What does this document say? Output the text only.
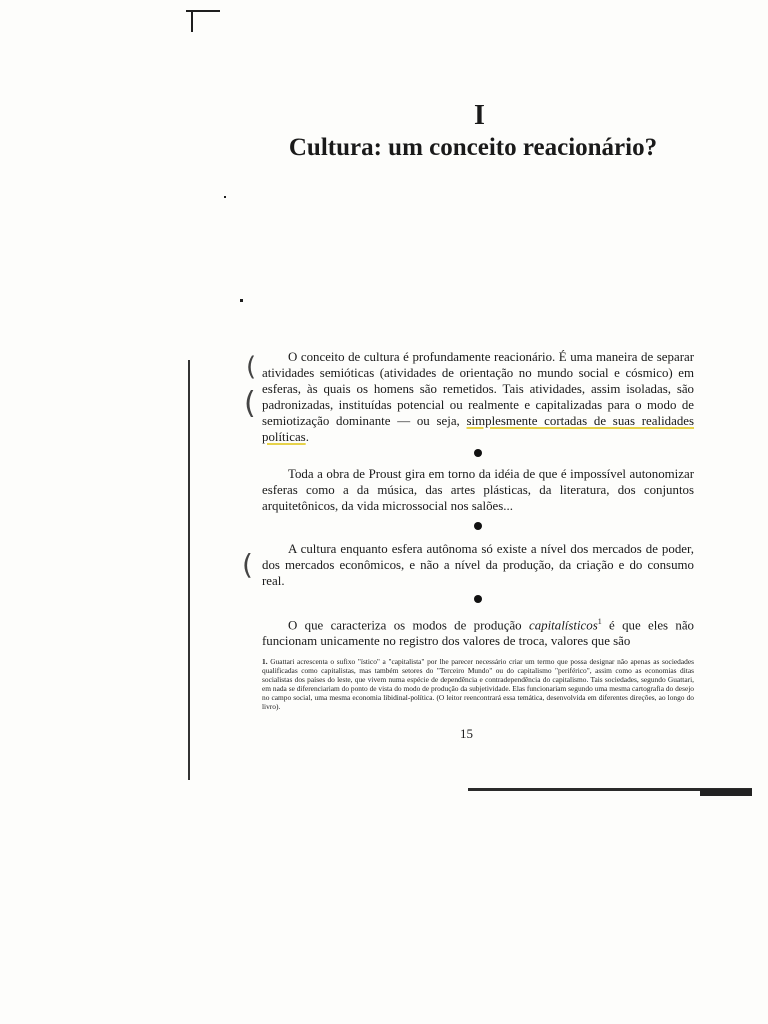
(
(
(
I
Cultura: um conceito reacionário?

O conceito de cultura é profundamente reacionário. É uma maneira de separar atividades semióticas (atividades de orientação no mundo social e cósmico) em esferas, às quais os homens são remetidos. Tais atividades, assim isoladas, são padronizadas, instituídas potencial ou realmente e capitalizadas para o modo de semiotização dominante — ou seja, simplesmente cortadas de suas realidades políticas.

Toda a obra de Proust gira em torno da idéia de que é impossível autonomizar esferas como a da música, das artes plásticas, da literatura, dos conjuntos arquitetônicos, da vida microssocial nos salões...

A cultura enquanto esfera autônoma só existe a nível dos mercados de poder, dos mercados econômicos, e não a nível da produção, da criação e do consumo real.

O que caracteriza os modos de produção capitalísticos$^1$ é que eles não funcionam unicamente no registro dos valores de troca, valores que são

1. Guattari acrescenta o sufixo "ístico" a "capitalista" por lhe parecer necessário criar um termo que possa designar não apenas as sociedades qualificadas como capitalistas, mas também setores do "Terceiro Mundo" ou do capitalismo "periférico", assim como as economias ditas socialistas dos países do leste, que vivem numa espécie de dependência e contradependência do capitalismo. Tais sociedades, segundo Guattari, em nada se diferenciariam do ponto de vista do modo de produção da subjetividade. Elas funcionariam segundo uma mesma cartografia do desejo no campo social, uma mesma economia libidinal-política. (O leitor reencontrará essa temática, desenvolvida em diferentes direções, ao longo do livro).

15
